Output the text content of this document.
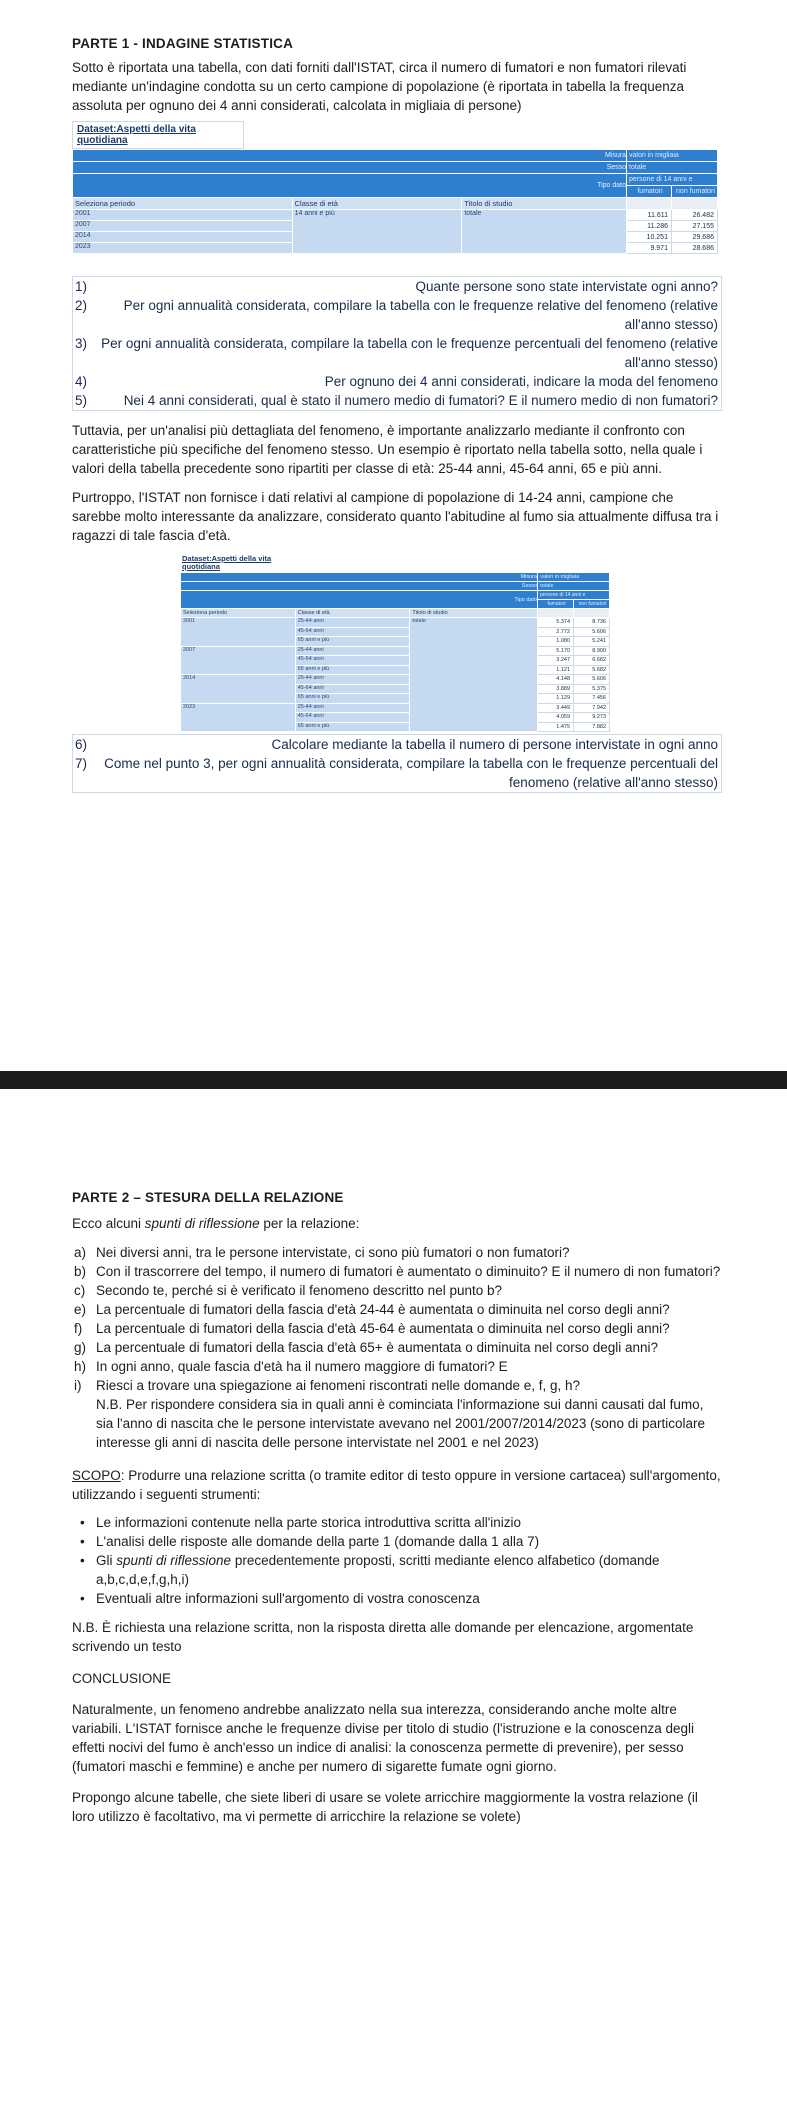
PARTE 1 - INDAGINE STATISTICA
Sotto è riportata una tabella, con dati forniti dall'ISTAT, circa il numero di fumatori e non fumatori rilevati mediante un'indagine condotta su un certo campione di popolazione (è riportata in tabella la frequenza assoluta per ognuno dei 4 anni considerati, calcolata in migliaia di persone)
Dataset:Aspetti della vita quotidiana
Misura			valori in migliaia	
Sesso			totale	
Tipo dato			persone di 14 anni e	
			fumatori	non fumatori
Seleziona periodo	Classe di età	Titolo di studio		
2001	14 anni e più	totale	11.611	26.482
2007			11.286	27.155
2014			10.251	29.686
2023			9.971	28.686
1)	Quante persone sono state intervistate ogni anno?
2)	Per ogni annualità considerata, compilare la tabella con le frequenze relative del fenomeno (relative all'anno stesso)
3) Per ogni annualità considerata, compilare la tabella con le frequenze percentuali del fenomeno (relative all'anno stesso)
4)	Per ognuno dei 4 anni considerati, indicare la moda del fenomeno
5)	Nei 4 anni considerati, qual è stato il numero medio di fumatori? E il numero medio di non fumatori?
Tuttavia, per un'analisi più dettagliata del fenomeno, è importante analizzarlo mediante il confronto con caratteristiche più specifiche del fenomeno stesso. Un esempio è riportato nella tabella sotto, nella quale i valori della tabella precedente sono ripartiti per classe di età: 25-44 anni, 45-64 anni, 65 e più anni.
Purtroppo, l'ISTAT non fornisce i dati relativi al campione di popolazione di 14-24 anni, campione che sarebbe molto interessante da analizzare, considerato quanto l'abitudine al fumo sia attualmente diffusa tra i ragazzi di tale fascia d'età.
Dataset:Aspetti della vita quotidiana
Misura			valori in migliaia	
Sesso			totale	
Tipo dato			persone di 14 anni e	
			fumatori	non fumatori
Seleziona periodo	Classe di età	Titolo di studio		
2001	25-44 anni	totale	5.374	8.736
	45-64 anni		2.772	5.606
	65 anni e più		1.080	5.241
2007	25-44 anni		5.170	8.900
	45-64 anni		3.247	6.682
	65 anni e più		1.121	5.682
2014	25-44 anni		4.148	5.606
	45-64 anni		3.889	5.375
	65 anni e più		1.129	7.456
2023	25-44 anni		3.449	7.942
	45-64 anni		4.059	9.273
	65 anni e più		1.475	7.882
6)	Calcolare mediante la tabella il numero di persone intervistate in ogni anno
7) Come nel punto 3, per ogni annualità considerata, compilare la tabella con le frequenze percentuali del fenomeno (relative all'anno stesso)
PARTE 2 – STESURA DELLA RELAZIONE
Ecco alcuni spunti di riflessione per la relazione:
a) Nei diversi anni, tra le persone intervistate, ci sono più fumatori o non fumatori?
b) Con il trascorrere del tempo, il numero di fumatori è aumentato o diminuito? E il numero di non fumatori?
c) Secondo te, perché si è verificato il fenomeno descritto nel punto b?
e) La percentuale di fumatori della fascia d'età 24-44 è aumentata o diminuita nel corso degli anni?
f) La percentuale di fumatori della fascia d'età 45-64 è aumentata o diminuita nel corso degli anni?
g) La percentuale di fumatori della fascia d'età 65+ è aumentata o diminuita nel corso degli anni?
h) In ogni anno, quale fascia d'età ha il numero maggiore di fumatori? E
i) Riesci a trovare una spiegazione ai fenomeni riscontrati nelle domande e, f, g, h?
N.B. Per rispondere considera sia in quali anni è cominciata l'informazione sui danni causati dal fumo, sia l'anno di nascita che le persone intervistate avevano nel 2001/2007/2014/2023 (sono di particolare interesse gli anni di nascita delle persone intervistate nel 2001 e nel 2023)
SCOPO: Produrre una relazione scritta (o tramite editor di testo oppure in versione cartacea) sull'argomento, utilizzando i seguenti strumenti:
• Le informazioni contenute nella parte storica introduttiva scritta all'inizio
• L'analisi delle risposte alle domande della parte 1 (domande dalla 1 alla 7)
• Gli spunti di riflessione precedentemente proposti, scritti mediante elenco alfabetico (domande a,b,c,d,e,f,g,h,i)
• Eventuali altre informazioni sull'argomento di vostra conoscenza
N.B. È richiesta una relazione scritta, non la risposta diretta alle domande per elencazione, argomentate scrivendo un testo
CONCLUSIONE
Naturalmente, un fenomeno andrebbe analizzato nella sua interezza, considerando anche molte altre variabili. L'ISTAT fornisce anche le frequenze divise per titolo di studio (l'istruzione e la conoscenza degli effetti nocivi del fumo è anch'esso un indice di analisi: la conoscenza permette di prevenire), per sesso (fumatori maschi e femmine) e anche per numero di sigarette fumate ogni giorno.
Propongo alcune tabelle, che siete liberi di usare se volete arricchire maggiormente la vostra relazione (il loro utilizzo è facoltativo, ma vi permette di arricchire la relazione se volete)
